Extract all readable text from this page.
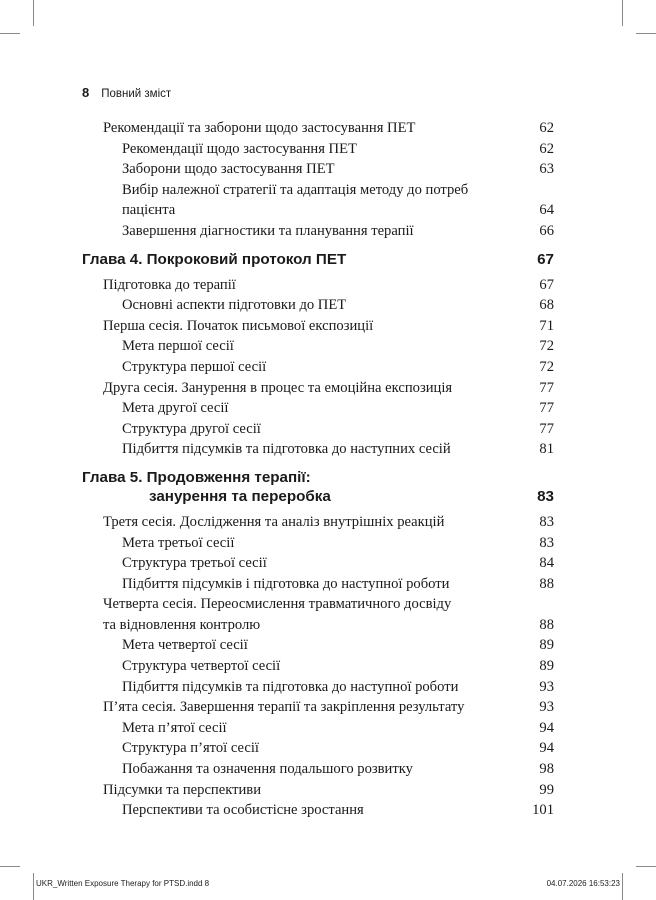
8 Повний зміст
Рекомендації та заборони щодо застосування ПЕТ	62
Рекомендації щодо застосування ПЕТ	62
Заборони щодо застосування ПЕТ	63
Вибір належної стратегії та адаптація методу до потреб пацієнта	64
Завершення діагностики та планування терапії	66
Глава 4. Покроковий протокол ПЕТ	67
Підготовка до терапії	67
Основні аспекти підготовки до ПЕТ	68
Перша сесія. Початок письмової експозиції	71
Мета першої сесії	72
Структура першої сесії	72
Друга сесія. Занурення в процес та емоційна експозиція	77
Мета другої сесії	77
Структура другої сесії	77
Підбиття підсумків та підготовка до наступних сесій	81
Глава 5. Продовження терапії:
занурення та переробка	83
Третя сесія. Дослідження та аналіз внутрішніх реакцій	83
Мета третьої сесії	83
Структура третьої сесії	84
Підбиття підсумків і підготовка до наступної роботи	88
Четверта сесія. Переосмислення травматичного досвіду
та відновлення контролю	88
Мета четвертої сесії	89
Структура четвертої сесії	89
Підбиття підсумків та підготовка до наступної роботи	93
П’ята сесія. Завершення терапії та закріплення результату	93
Мета п’ятої сесії	94
Структура п’ятої сесії	94
Побажання та означення подальшого розвитку	98
Підсумки та перспективи	99
Перспективи та особистісне зростання	101
UKR_Written Exposure Therapy for PTSD.indd 8	04.07.2026 16:53:23
